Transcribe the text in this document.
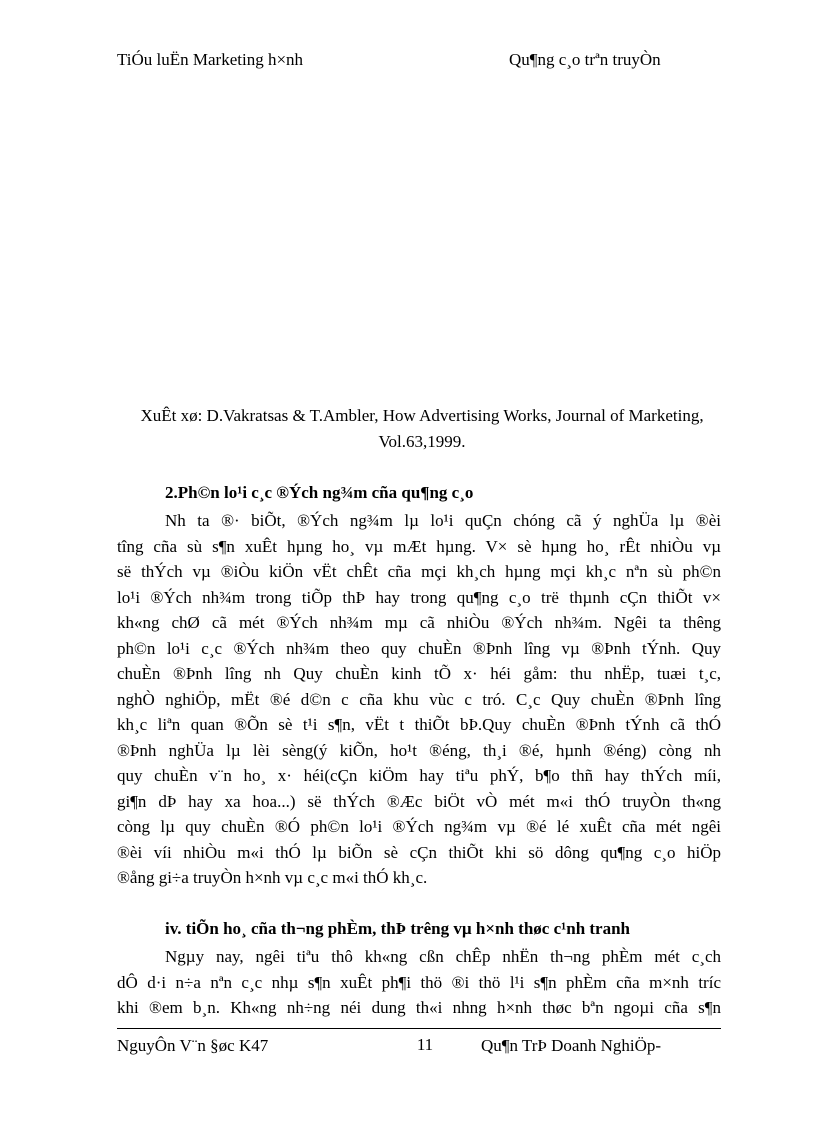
TiÓu luËn Marketing h×nh	Qu¶ng c¸o trªn truyÒn
XuÊt xø: D.Vakratsas & T.Ambler, How Advertising Works, Journal of Marketing, Vol.63,1999.
2.Ph©n lo¹i c¸c ®Ých ng¾m cña qu¶ng c¸o
Nh ta ®· biÕt, ®Ých ng¾m lµ lo¹i quÇn chóng cã ý nghÜa lµ ®èi
tîng cña sù s¶n xuÊt hµng ho¸ vµ mÆt hµng. V× sè hµng ho¸ rÊt nhiÒu vµ
së thÝch vµ ®iÒu kiÖn vËt chÊt cña mçi kh¸ch hµng mçi kh¸c nªn sù ph©n
lo¹i ®Ých nh¾m trong tiÕp thÞ hay trong qu¶ng c¸o trë thµnh cÇn thiÕt v×
kh«ng chØ cã mét ®Ých nh¾m mµ cã nhiÒu ®Ých nh¾m. Ngêi ta thêng
ph©n lo¹i c¸c ®Ých nh¾m theo quy chuÈn ®Þnh lîng vµ ®Þnh tÝnh. Quy
chuÈn ®Þnh lîng nh Quy chuÈn kinh tÕ x· héi gåm: thu nhËp, tuæi t¸c,
nghÒ nghiÖp, mËt ®é d©n c cña khu vùc c tró. C¸c Quy chuÈn ®Þnh lîng
kh¸c liªn quan ®Õn sè t¹i s¶n, vËt t thiÕt bÞ.Quy chuÈn ®Þnh tÝnh cã thÓ
®Þnh nghÜa lµ lèi sèng(ý kiÕn, ho¹t ®éng, th¸i ®é, hµnh ®éng) còng nh
quy chuÈn v¨n ho¸ x· héi(cÇn kiÖm hay tiªu phÝ, b¶o thñ hay thÝch míi,
gi¶n dÞ hay xa hoa...) së thÝch ®Æc biÖt vÒ mét m«i thÓ truyÒn th«ng
còng lµ quy chuÈn ®Ó ph©n lo¹i ®Ých ng¾m vµ ®é lé xuÊt cña mét ngêi
®èi víi nhiÒu m«i thÓ lµ biÕn sè cÇn thiÕt khi sö dông qu¶ng c¸o hiÖp
®ång gi÷a truyÒn h×nh vµ c¸c m«i thÓ kh¸c.
iv. tiÕn ho¸ cña th¬ng phÈm, thÞ trêng vµ h×nh thøc c¹nh tranh
Ngµy nay, ngêi tiªu thô kh«ng cßn chÊp nhËn th¬ng phÈm mét c¸ch
dÔ d·i n÷a nªn c¸c nhµ s¶n xuÊt ph¶i thö ®i thö l¹i s¶n phÈm cña m×nh tríc
khi ®em b¸n. Kh«ng nh÷ng néi dung th«i nhng h×nh thøc bªn ngoµi cña s¶n
NguyÔn V¨n §øc K47	11	Qu¶n TrÞ Doanh NghiÖp-
